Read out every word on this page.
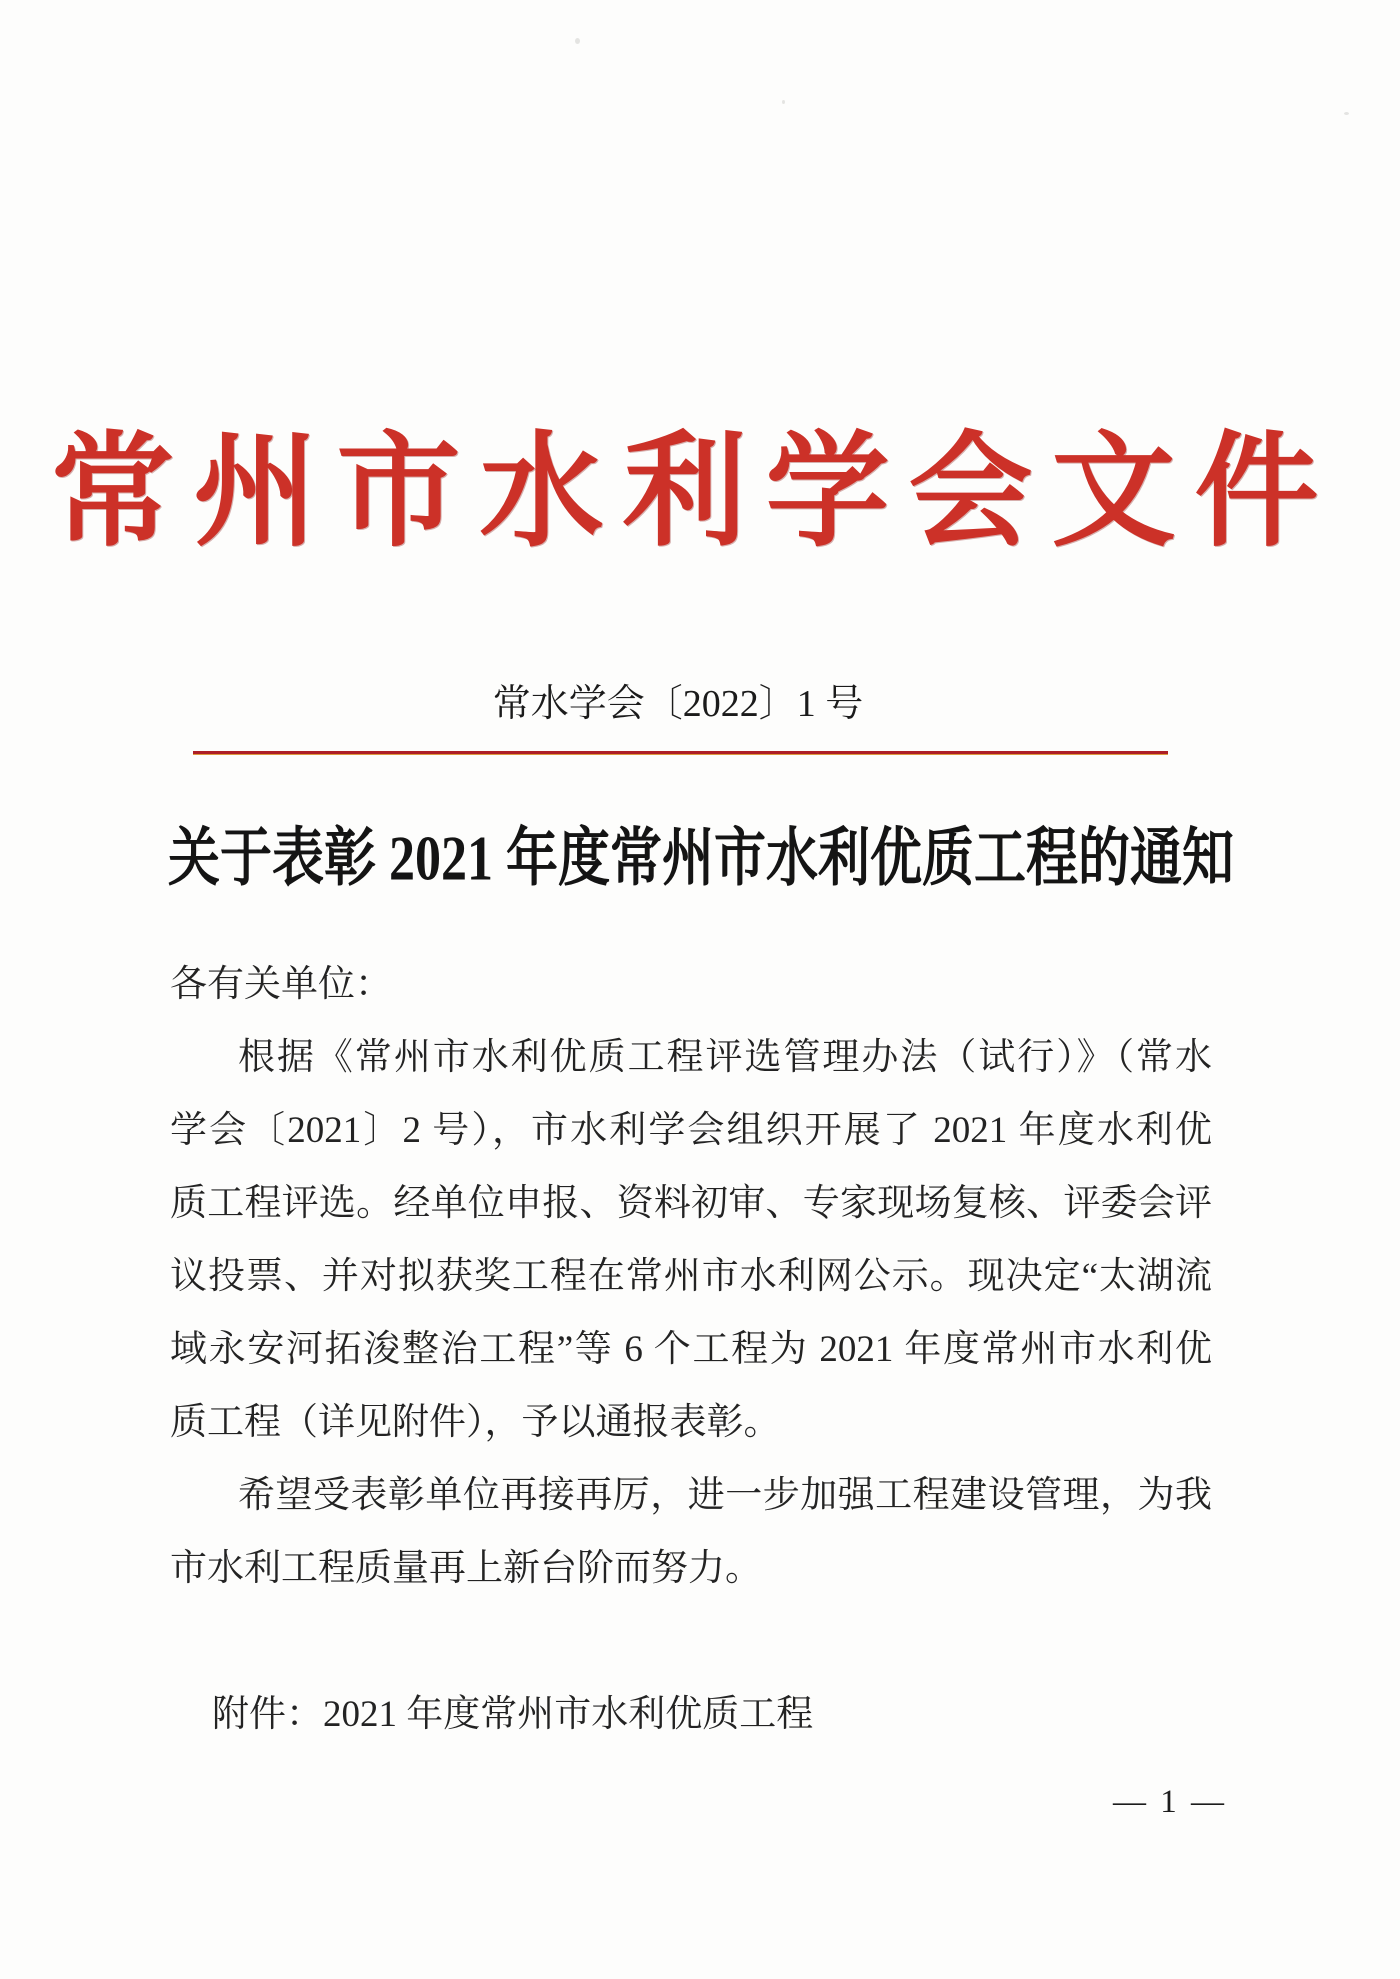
常州市水利学会文件
常水学会〔2022〕1 号
关于表彰 2021 年度常州市水利优质工程的通知
各有关单位：
根据《常州市水利优质工程评选管理办法（试行）》（常水
学会〔2021〕2 号），市水利学会组织开展了 2021 年度水利优
质工程评选。经单位申报、资料初审、专家现场复核、评委会评
议投票、并对拟获奖工程在常州市水利网公示。现决定“太湖流
域永安河拓浚整治工程”等 6 个工程为 2021 年度常州市水利优
质工程（详见附件），予以通报表彰。
希望受表彰单位再接再厉，进一步加强工程建设管理，为我
市水利工程质量再上新台阶而努力。
附件：2021 年度常州市水利优质工程
— 1 —
